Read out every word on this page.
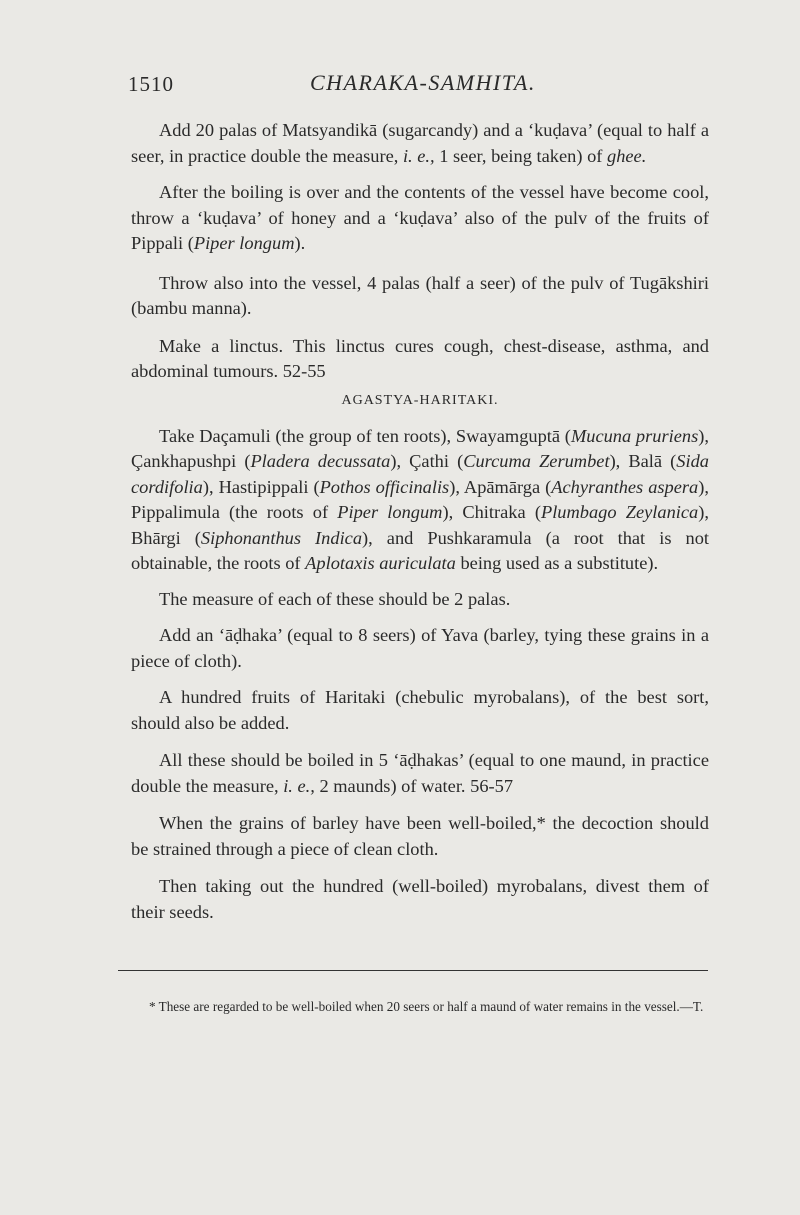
1510	CHARAKA-SAMHITA.

Add 20 palas of Matsyandikā (sugarcandy) and a ‘kuḍava’ (equal to half a seer, in practice double the measure, i. e., 1 seer, being taken) of ghee.

After the boiling is over and the contents of the vessel have become cool, throw a ‘kuḍava’ of honey and a ‘kuḍava’ also of the pulv of the fruits of Pippali (Piper longum).

Throw also into the vessel, 4 palas (half a seer) of the pulv of Tugākshiri (bambu manna).

Make a linctus. This linctus cures cough, chest-disease, asthma, and abdominal tumours. 52-55

AGASTYA-HARITAKI.

Take Daçamuli (the group of ten roots), Swayamguptā (Mucuna pruriens), Çankhapushpi (Pladera decussata), Çathi (Curcuma Zerumbet), Balā (Sida cordifolia), Hastipippali (Pothos officinalis), Apāmārga (Achyranthes aspera), Pippalimula (the roots of Piper longum), Chitraka (Plumbago Zeylanica), Bhārgi (Siphonanthus Indica), and Pushkaramula (a root that is not obtainable, the roots of Aplotaxis auriculata being used as a substitute).

The measure of each of these should be 2 palas.

Add an ‘āḍhaka’ (equal to 8 seers) of Yava (barley, tying these grains in a piece of cloth).

A hundred fruits of Haritaki (chebulic myrobalans), of the best sort, should also be added.

All these should be boiled in 5 ‘āḍhakas’ (equal to one maund, in practice double the measure, i. e., 2 maunds) of water. 56-57

When the grains of barley have been well-boiled,* the decoction should be strained through a piece of clean cloth.

Then taking out the hundred (well-boiled) myrobalans, divest them of their seeds.

* These are regarded to be well-boiled when 20 seers or half a maund of water remains in the vessel.—T.
